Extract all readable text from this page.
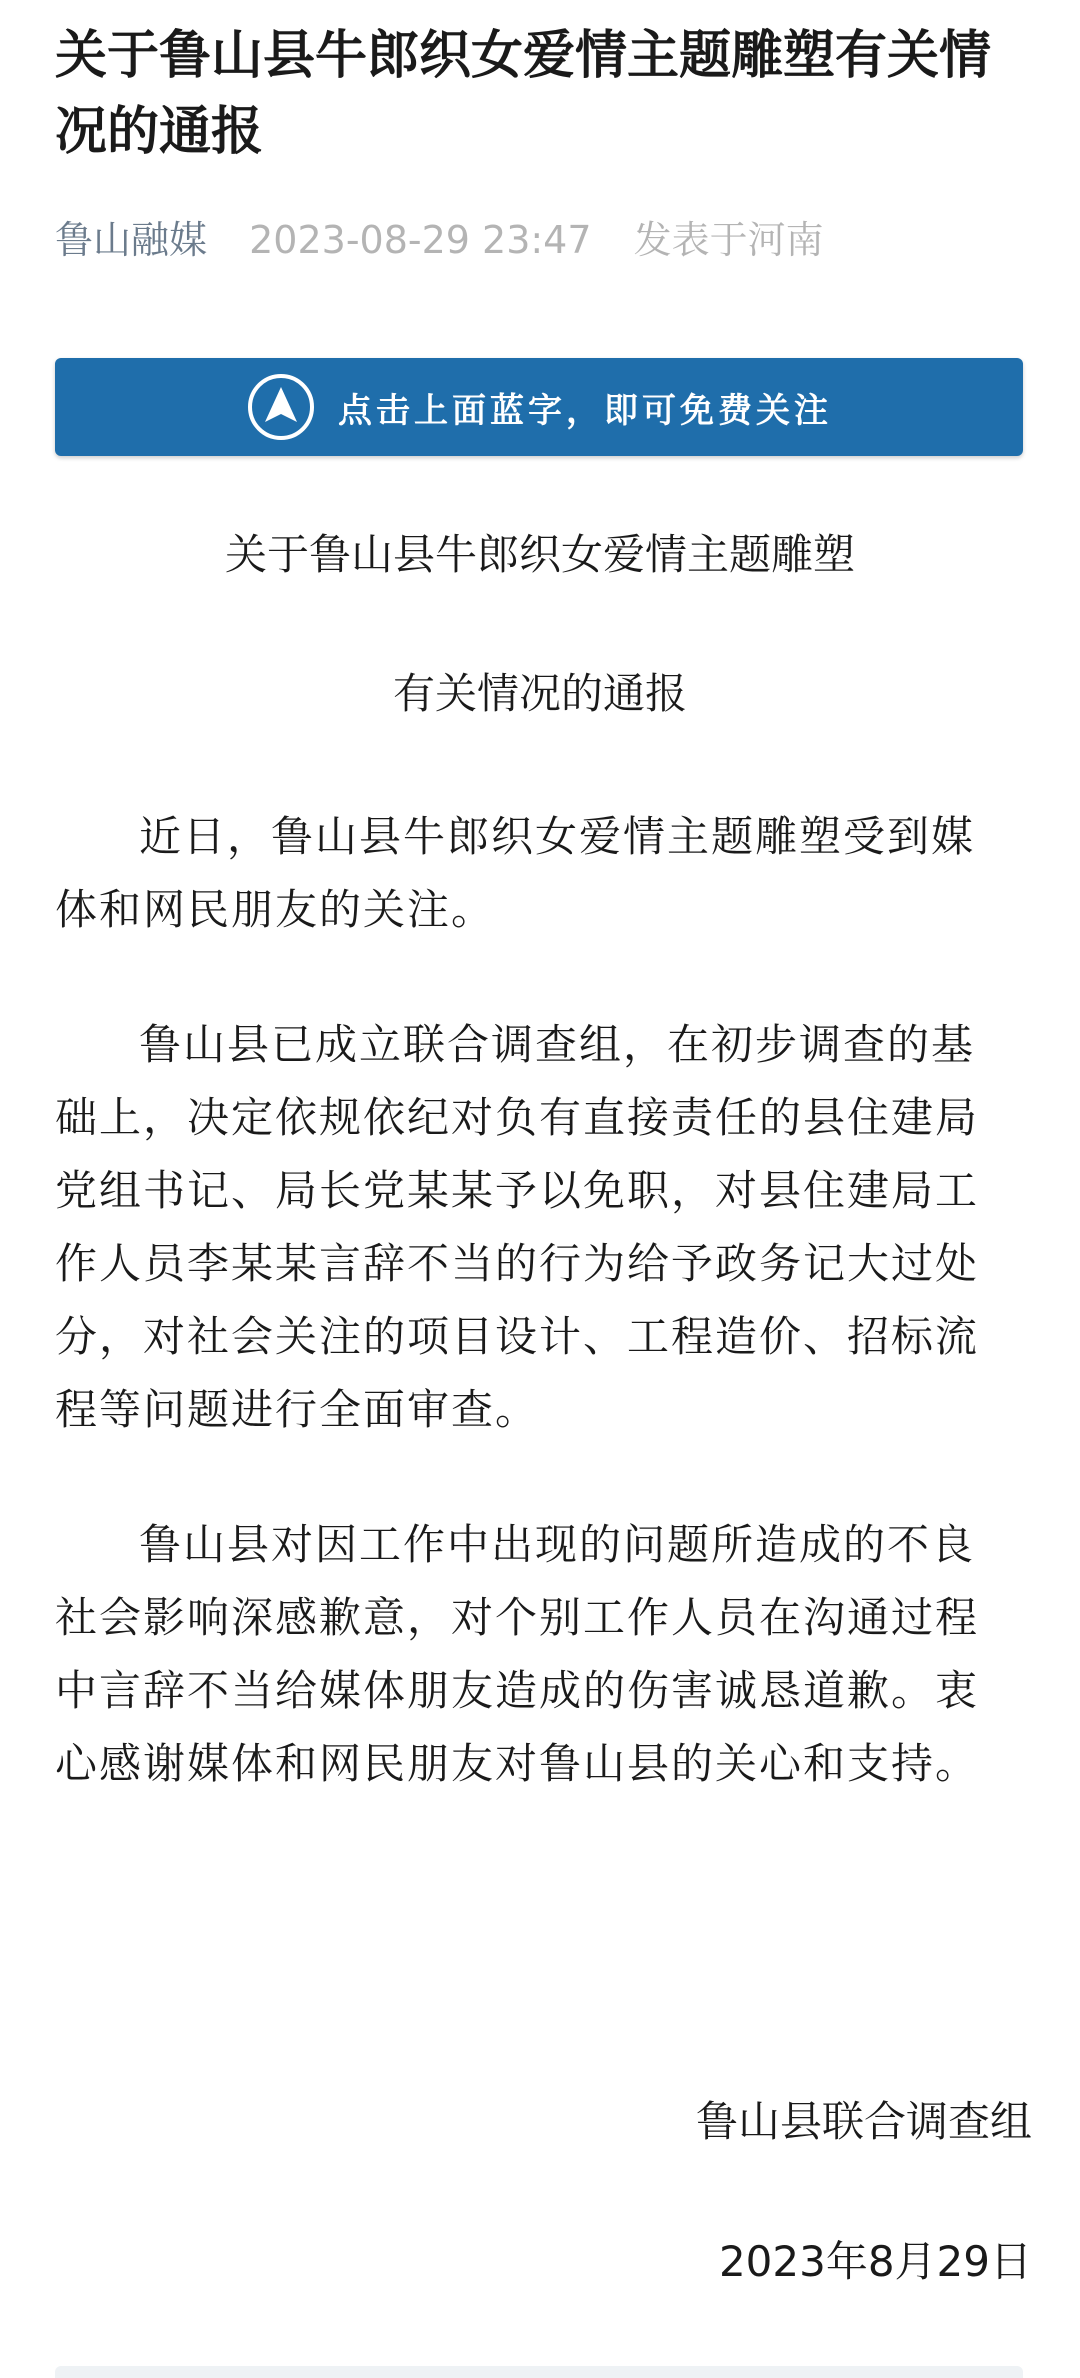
关于鲁山县牛郎织女爱情主题雕塑有关情况的通报
鲁山融媒 2023-08-29 23:47 发表于河南
点击上面蓝字，即可免费关注
关于鲁山县牛郎织女爱情主题雕塑
有关情况的通报

近日，鲁山县牛郎织女爱情主题雕塑受到媒体和网民朋友的关注。

鲁山县已成立联合调查组，在初步调查的基础上，决定依规依纪对负有直接责任的县住建局党组书记、局长党某某予以免职，对县住建局工作人员李某某言辞不当的行为给予政务记大过处分，对社会关注的项目设计、工程造价、招标流程等问题进行全面审查。

鲁山县对因工作中出现的问题所造成的不良社会影响深感歉意，对个别工作人员在沟通过程中言辞不当给媒体朋友造成的伤害诚恳道歉。衷心感谢媒体和网民朋友对鲁山县的关心和支持。

鲁山县联合调查组
2023年8月29日
